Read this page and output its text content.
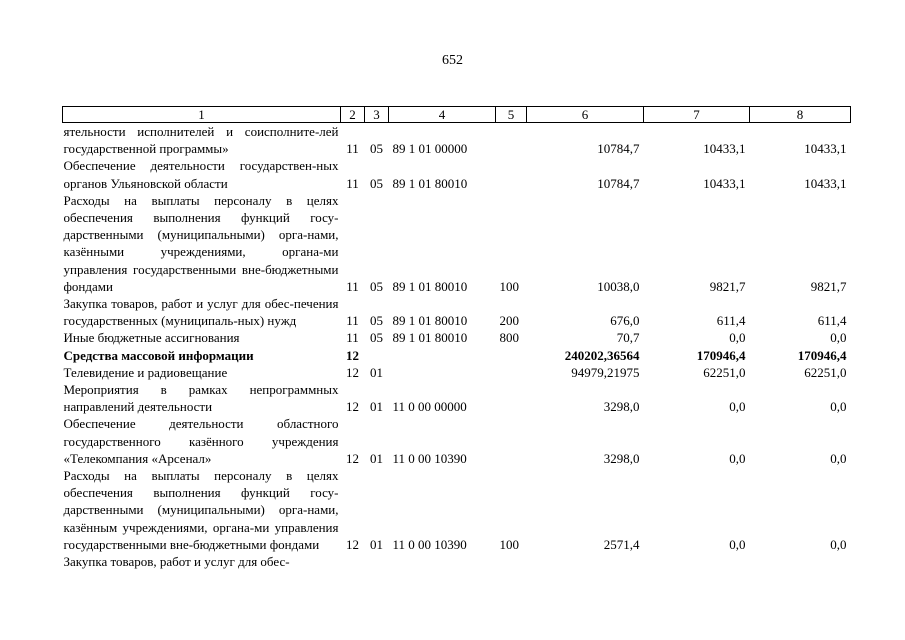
652
1	2	3	4	5	6	7	8
ятельности исполнителей и соисполните-лей государственной программы»	11	05	89 1 01 00000		10784,7	10433,1	10433,1
Обеспечение деятельности государствен-ных органов Ульяновской области	11	05	89 1 01 80010		10784,7	10433,1	10433,1
Расходы на выплаты персоналу в целях обеспечения выполнения функций госу-дарственными (муниципальными) орга-нами, казёнными учреждениями, органа-ми управления государственными вне-бюджетными фондами	11	05	89 1 01 80010	100	10038,0	9821,7	9821,7
Закупка товаров, работ и услуг для обес-печения государственных (муниципаль-ных) нужд	11	05	89 1 01 80010	200	676,0	611,4	611,4
Иные бюджетные ассигнования	11	05	89 1 01 80010	800	70,7	0,0	0,0
Средства массовой информации	12				240202,36564	170946,4	170946,4
Телевидение и радиовещание	12	01			94979,21975	62251,0	62251,0
Мероприятия в рамках непрограммных направлений деятельности	12	01	11 0 00 00000		3298,0	0,0	0,0
Обеспечение деятельности областного государственного казённого учреждения «Телекомпания «Арсенал»	12	01	11 0 00 10390		3298,0	0,0	0,0
Расходы на выплаты персоналу в целях обеспечения выполнения функций госу-дарственными (муниципальными) орга-нами, казённым учреждениями, органа-ми управления государственными вне-бюджетными фондами	12	01	11 0 00 10390	100	2571,4	0,0	0,0
Закупка товаров, работ и услуг для обес-							
